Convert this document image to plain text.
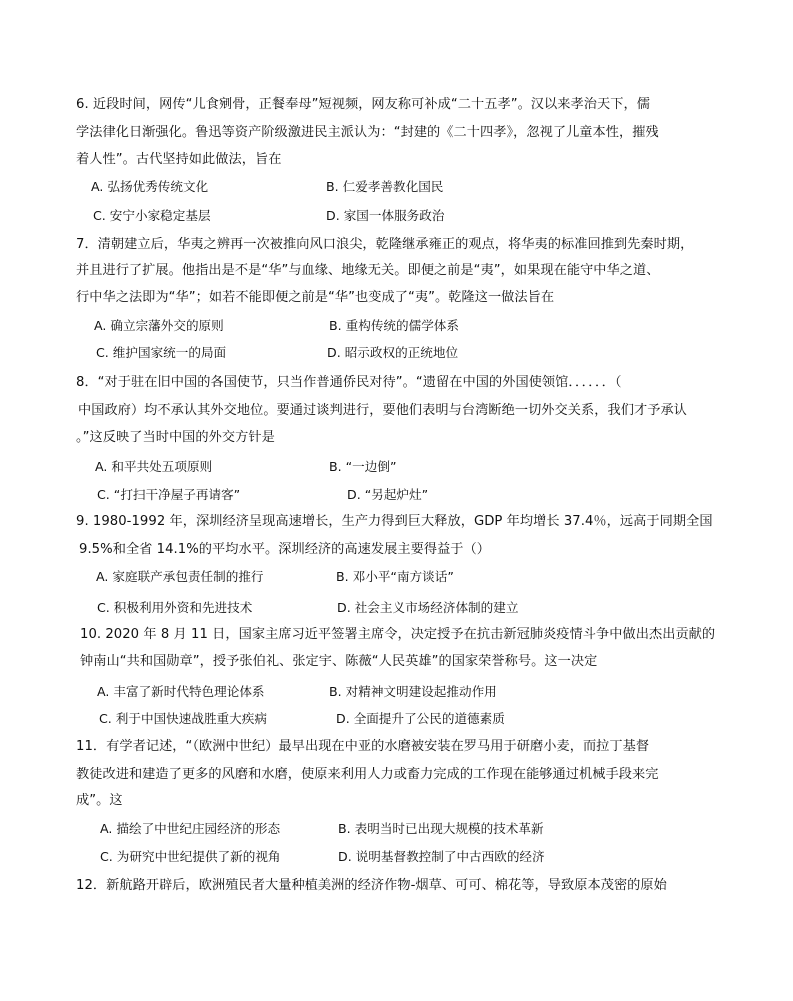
6. 近段时间，网传“儿食剜骨，正餐奉母”短视频，网友称可补成“二十五孝”。汉以来孝治天下，儒
学法律化日渐强化。鲁迅等资产阶级激进民主派认为：“封建的《二十四孝》，忽视了儿童本性，摧残
着人性”。古代坚持如此做法，旨在
A. 弘扬优秀传统文化	B. 仁爱孝善教化国民
C. 安宁小家稳定基层	D. 家国一体服务政治
7．清朝建立后，华夷之辨再一次被推向风口浪尖，乾隆继承雍正的观点，将华夷的标准回推到先秦时期，
并且进行了扩展。他指出是不是“华”与血缘、地缘无关。即便之前是“夷”，如果现在能守中华之道、
行中华之法即为“华”；如若不能即便之前是“华”也变成了“夷”。乾隆这一做法旨在
A. 确立宗藩外交的原则	B. 重构传统的儒学体系
C. 维护国家统一的局面	D. 昭示政权的正统地位
8．“对于驻在旧中国的各国使节，只当作普通侨民对待”。“遗留在中国的外国使领馆．．．．．．（
中国政府）均不承认其外交地位。要通过谈判进行，要他们表明与台湾断绝一切外交关系，我们才予承认
。”这反映了当时中国的外交方针是
A. 和平共处五项原则	B. “一边倒”
C. “打扫干净屋子再请客”	D. “另起炉灶”
9. 1980-1992 年，深圳经济呈现高速增长，生产力得到巨大释放，GDP 年均增长 37.4％，远高于同期全国
9.5%和全省 14.1%的平均水平。深圳经济的高速发展主要得益于（）
A. 家庭联产承包责任制的推行	B. 邓小平“南方谈话”
C. 积极利用外资和先进技术	D. 社会主义市场经济体制的建立
10. 2020 年 8 月 11 日，国家主席习近平签署主席令，决定授予在抗击新冠肺炎疫情斗争中做出杰出贡献的
钟南山“共和国勋章”，授予张伯礼、张定宇、陈薇“人民英雄”的国家荣誉称号。这一决定
A. 丰富了新时代特色理论体系	B. 对精神文明建设起推动作用
C. 利于中国快速战胜重大疾病	D. 全面提升了公民的道德素质
11．有学者记述，“（欧洲中世纪）最早出现在中亚的水磨被安装在罗马用于研磨小麦，而拉丁基督
教徒改进和建造了更多的风磨和水磨，使原来利用人力或畜力完成的工作现在能够通过机械手段来完
成”。这
A. 描绘了中世纪庄园经济的形态	B. 表明当时已出现大规模的技术革新
C. 为研究中世纪提供了新的视角	D. 说明基督教控制了中古西欧的经济
12．新航路开辟后，欧洲殖民者大量种植美洲的经济作物-烟草、可可、棉花等，导致原本茂密的原始
